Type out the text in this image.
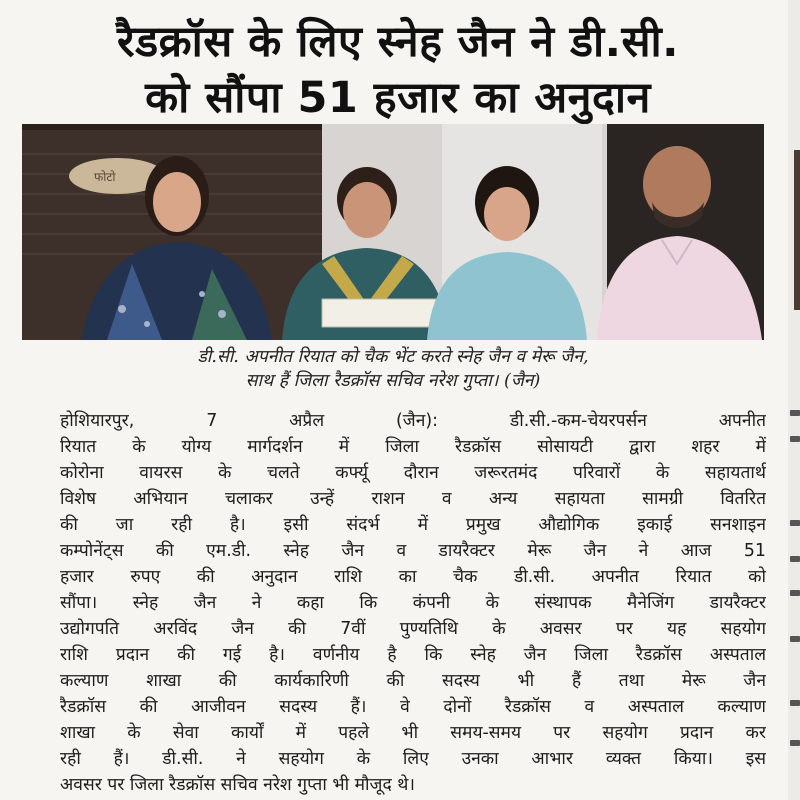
रैडक्रॉस के लिए स्नेह जैन ने डी.सी.
को सौंपा 51 हजार का अनुदान
फोटो
डी.सी. अपनीत रियात को चैक भेंट करते स्नेह जैन व मेरू जैन,
साथ हैं जिला रैडक्रॉस सचिव नरेश गुप्ता। (जैन)
होशियारपुर, 7 अप्रैल (जैन): डी.सी.-कम-चेयरपर्सन अपनीत
रियात के योग्य मार्गदर्शन में जिला रैडक्रॉस सोसायटी द्वारा शहर में
कोरोना वायरस के चलते कर्फ्यू दौरान जरूरतमंद परिवारों के सहायतार्थ
विशेष अभियान चलाकर उन्हें राशन व अन्य सहायता सामग्री वितरित
की जा रही है। इसी संदर्भ में प्रमुख औद्योगिक इकाई सनशाइन
कम्पोनेंट्स की एम.डी. स्नेह जैन व डायरैक्टर मेरू जैन ने आज 51
हजार रुपए की अनुदान राशि का चैक डी.सी. अपनीत रियात को
सौंपा। स्नेह जैन ने कहा कि कंपनी के संस्थापक मैनेजिंग डायरैक्टर
उद्योगपति अरविंद जैन की 7वीं पुण्यतिथि के अवसर पर यह सहयोग
राशि प्रदान की गई है। वर्णनीय है कि स्नेह जैन जिला रैडक्रॉस अस्पताल
कल्याण शाखा की कार्यकारिणी की सदस्य भी हैं तथा मेरू जैन
रैडक्रॉस की आजीवन सदस्य हैं। वे दोनों रैडक्रॉस व अस्पताल कल्याण
शाखा के सेवा कार्यों में पहले भी समय-समय पर सहयोग प्रदान कर
रही हैं। डी.सी. ने सहयोग के लिए उनका आभार व्यक्त किया। इस
अवसर पर जिला रैडक्रॉस सचिव नरेश गुप्ता भी मौजूद थे।
